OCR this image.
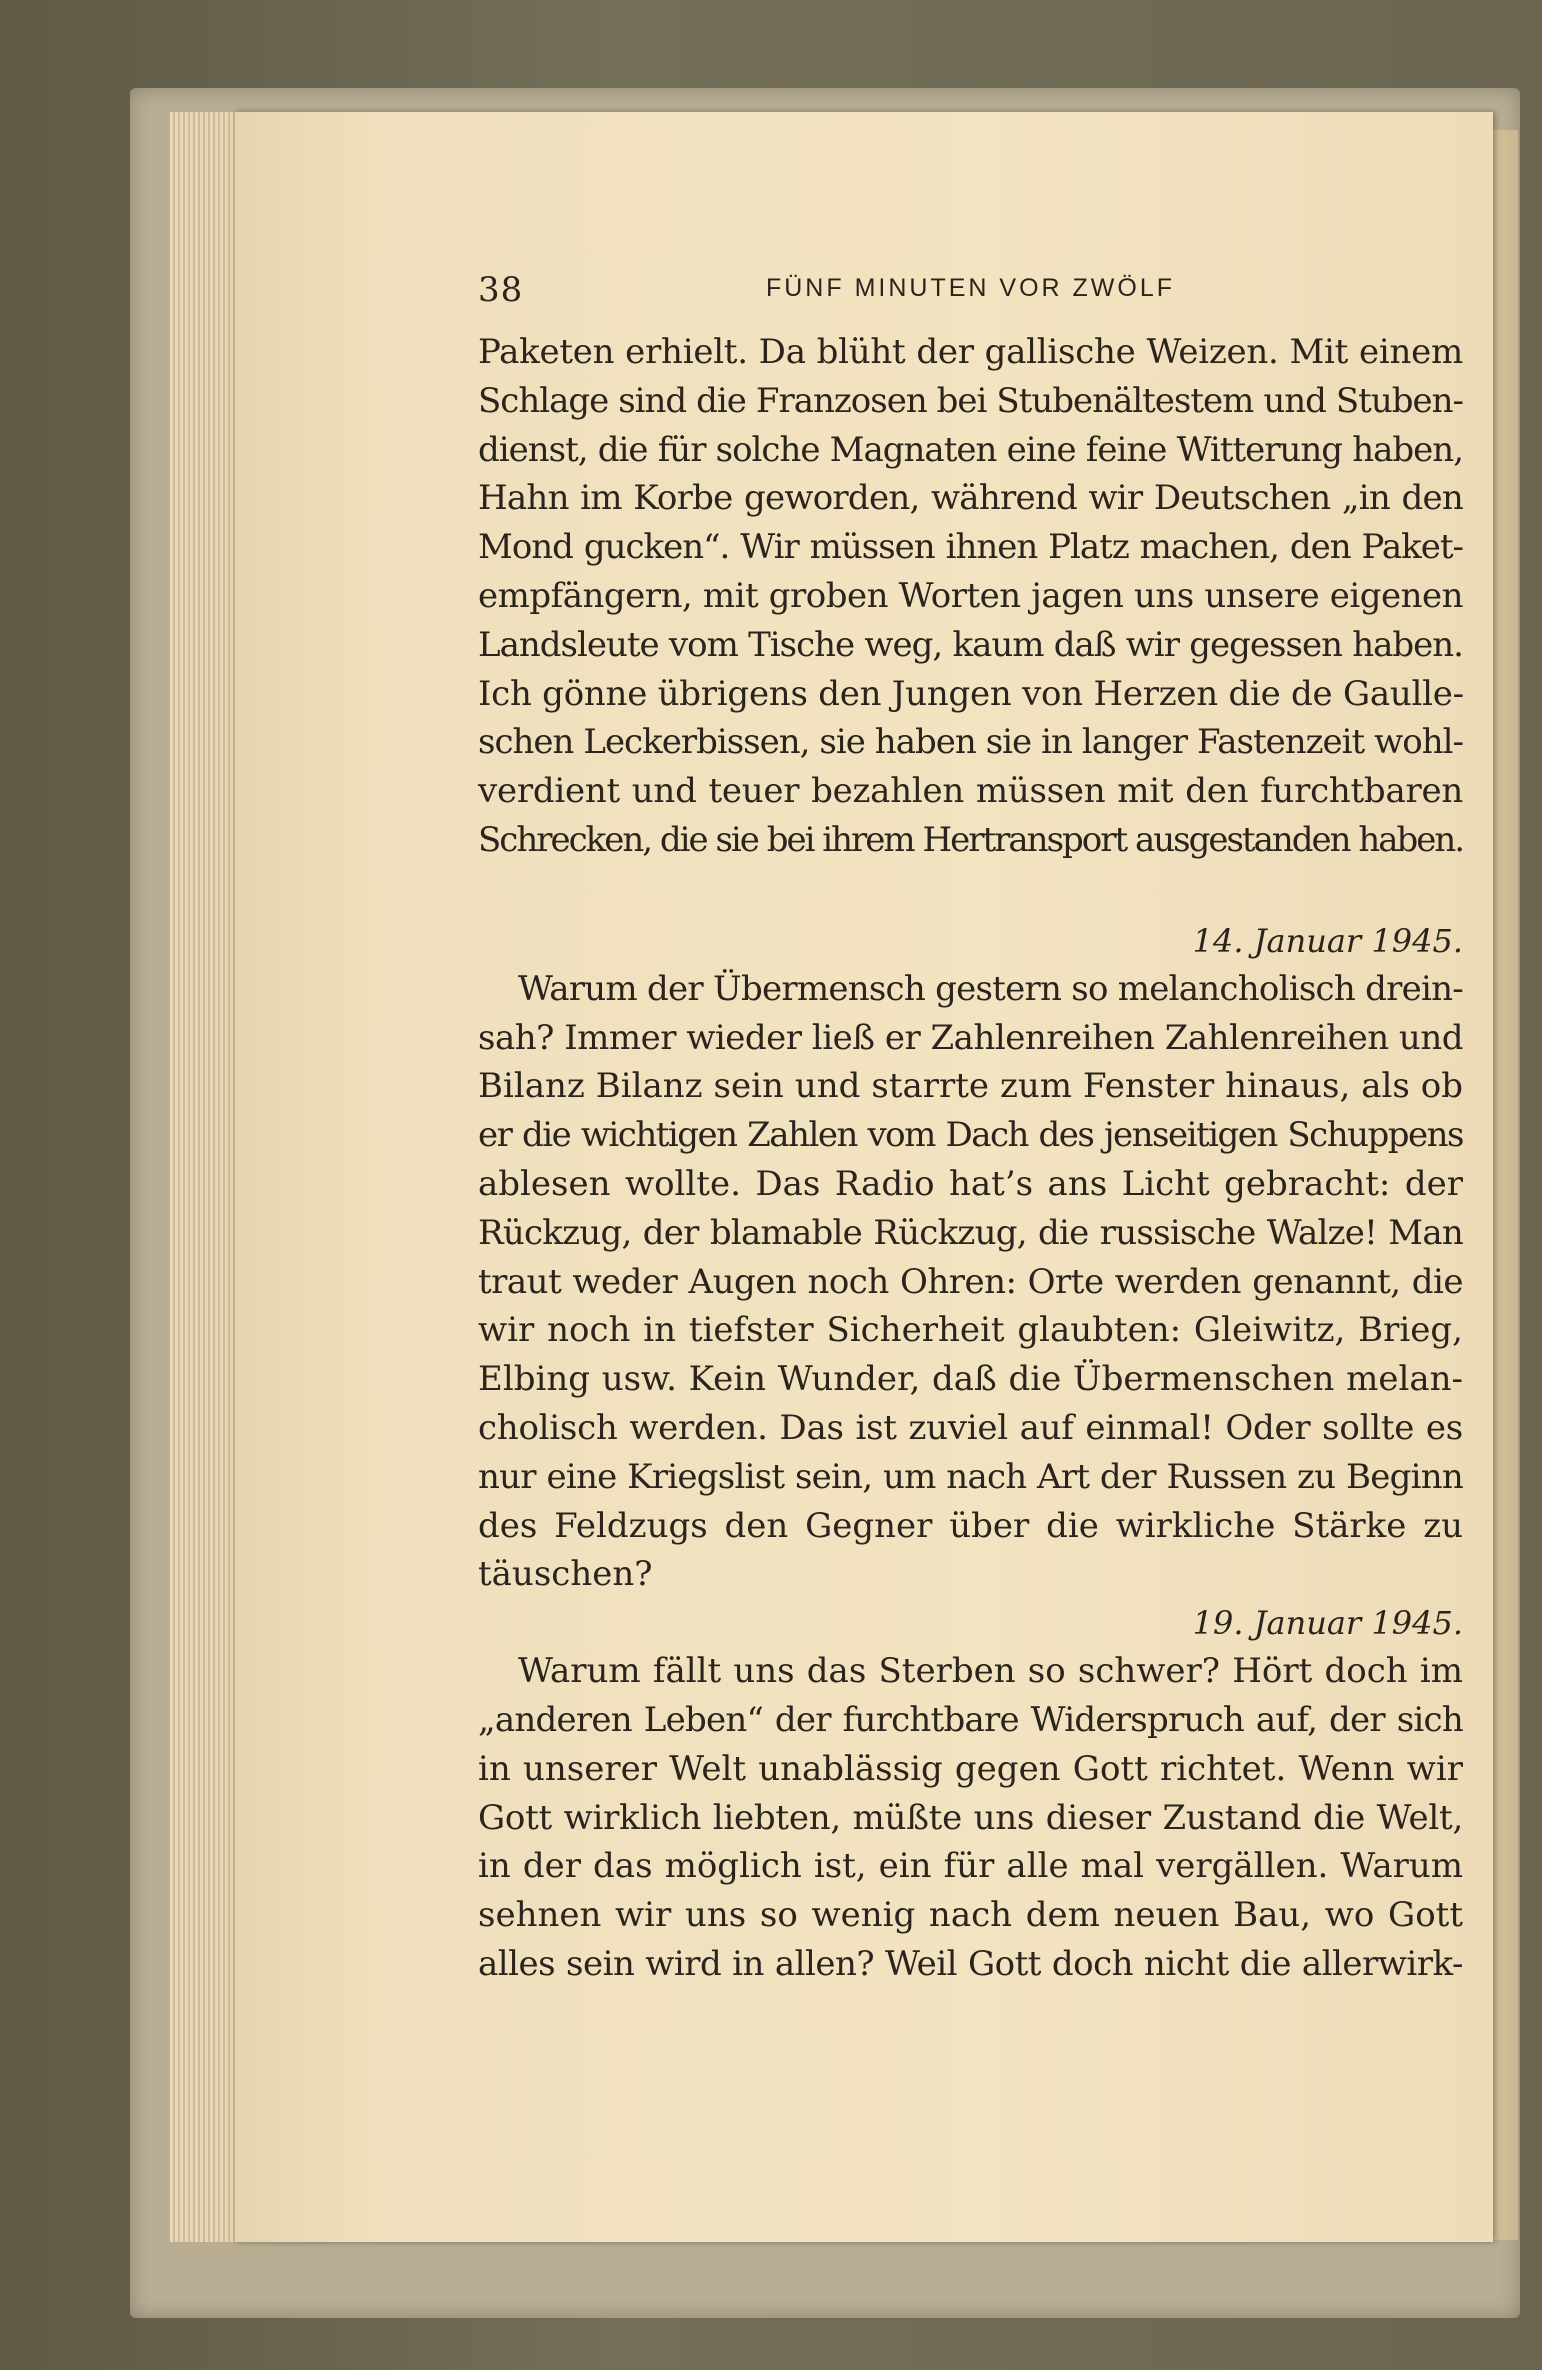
38	FÜNF MINUTEN VOR ZWÖLF
Paketen erhielt. Da blüht der gallische Weizen. Mit einem
Schlage sind die Franzosen bei Stubenältestem und Stuben-
dienst, die für solche Magnaten eine feine Witterung haben,
Hahn im Korbe geworden, während wir Deutschen „in den
Mond gucken“. Wir müssen ihnen Platz machen, den Paket-
empfängern, mit groben Worten jagen uns unsere eigenen
Landsleute vom Tische weg, kaum daß wir gegessen haben.
Ich gönne übrigens den Jungen von Herzen die de Gaulle-
schen Leckerbissen, sie haben sie in langer Fastenzeit wohl-
verdient und teuer bezahlen müssen mit den furchtbaren
Schrecken, die sie bei ihrem Hertransport ausgestanden haben.
14. Januar 1945.
Warum der Übermensch gestern so melancholisch drein-
sah? Immer wieder ließ er Zahlenreihen Zahlenreihen und
Bilanz Bilanz sein und starrte zum Fenster hinaus, als ob
er die wichtigen Zahlen vom Dach des jenseitigen Schuppens
ablesen wollte. Das Radio hat’s ans Licht gebracht: der
Rückzug, der blamable Rückzug, die russische Walze! Man
traut weder Augen noch Ohren: Orte werden genannt, die
wir noch in tiefster Sicherheit glaubten: Gleiwitz, Brieg,
Elbing usw. Kein Wunder, daß die Übermenschen melan-
cholisch werden. Das ist zuviel auf einmal! Oder sollte es
nur eine Kriegslist sein, um nach Art der Russen zu Beginn
des Feldzugs den Gegner über die wirkliche Stärke zu
täuschen?
19. Januar 1945.
Warum fällt uns das Sterben so schwer? Hört doch im
„anderen Leben“ der furchtbare Widerspruch auf, der sich
in unserer Welt unablässig gegen Gott richtet. Wenn wir
Gott wirklich liebten, müßte uns dieser Zustand die Welt,
in der das möglich ist, ein für alle mal vergällen. Warum
sehnen wir uns so wenig nach dem neuen Bau, wo Gott
alles sein wird in allen? Weil Gott doch nicht die allerwirk-
